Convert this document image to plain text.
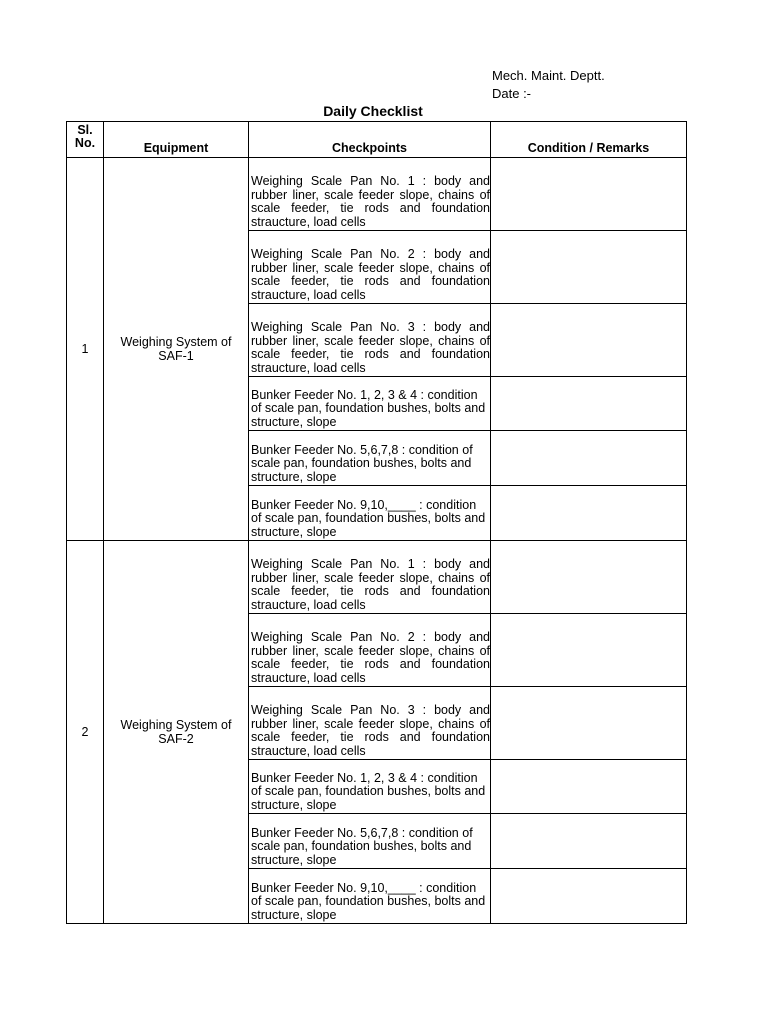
Mech. Maint. Deptt.
Date :-
Daily Checklist
Sl.
No.	Equipment	Checkpoints	Condition / Remarks
1	Weighing System of SAF-1	Weighing Scale Pan No. 1 : body and rubber liner, scale feeder slope, chains of scale feeder, tie rods and foundation straucture, load cells	
		Weighing Scale Pan No. 2 : body and rubber liner, scale feeder slope, chains of scale feeder, tie rods and foundation straucture, load cells	
		Weighing Scale Pan No. 3 : body and rubber liner, scale feeder slope, chains of scale feeder, tie rods and foundation straucture, load cells	
		Bunker Feeder No. 1, 2, 3 & 4 : condition of scale pan, foundation bushes, bolts and structure, slope	
		Bunker Feeder No. 5,6,7,8 : condition of scale pan, foundation bushes, bolts and structure, slope	
		Bunker Feeder No. 9,10,____ : condition of scale pan, foundation bushes, bolts and structure, slope	
2	Weighing System of SAF-2	Weighing Scale Pan No. 1 : body and rubber liner, scale feeder slope, chains of scale feeder, tie rods and foundation straucture, load cells	
		Weighing Scale Pan No. 2 : body and rubber liner, scale feeder slope, chains of scale feeder, tie rods and foundation straucture, load cells	
		Weighing Scale Pan No. 3 : body and rubber liner, scale feeder slope, chains of scale feeder, tie rods and foundation straucture, load cells	
		Bunker Feeder No. 1, 2, 3 & 4 : condition of scale pan, foundation bushes, bolts and structure, slope	
		Bunker Feeder No. 5,6,7,8 : condition of scale pan, foundation bushes, bolts and structure, slope	
		Bunker Feeder No. 9,10,____ : condition of scale pan, foundation bushes, bolts and structure, slope	
